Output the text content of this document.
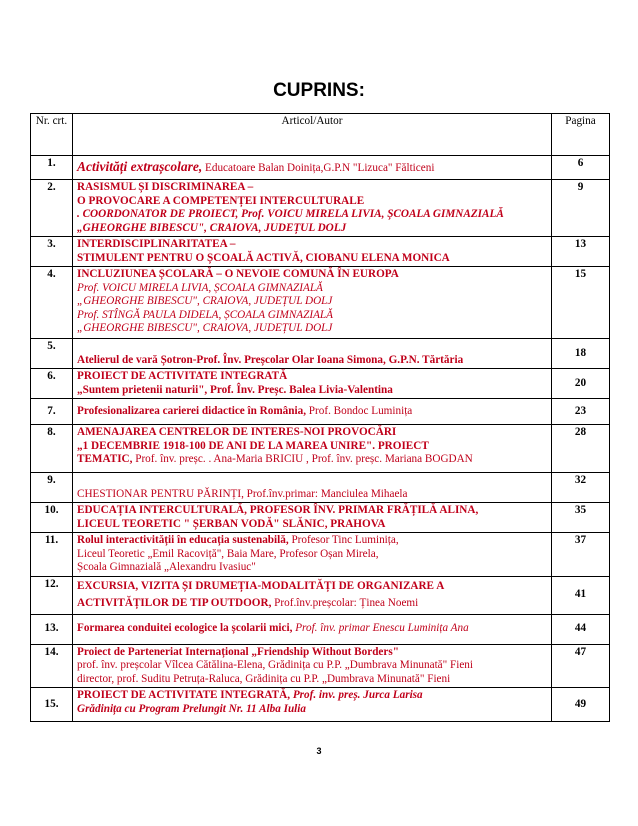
CUPRINS:
Nr. crt.	Articol/Autor	Pagina
1.	Activități extrașcolare, Educatoare Balan Doinița,G.P.N "Lizuca" Fălticeni	6
2.	RASISMUL ȘI DISCRIMINAREA –
O PROVOCARE A COMPETENȚEI INTERCULTURALE
. COORDONATOR DE PROIECT, Prof. VOICU MIRELA LIVIA, ȘCOALA GIMNAZIALĂ „GHEORGHE BIBESCU", CRAIOVA, JUDEȚUL DOLJ	9
3.	INTERDISCIPLINARITATEA –
STIMULENT PENTRU O ȘCOALĂ ACTIVĂ, CIOBANU ELENA MONICA	13
4.	INCLUZIUNEA ȘCOLARĂ – O NEVOIE COMUNĂ ÎN EUROPA
Prof. VOICU MIRELA LIVIA, ȘCOALA GIMNAZIALĂ
„GHEORGHE BIBESCU", CRAIOVA, JUDEȚUL DOLJ
Prof. STÎNGĂ PAULA DIDELA, ȘCOALA GIMNAZIALĂ
„GHEORGHE BIBESCU", CRAIOVA, JUDEȚUL DOLJ	15
5.	Atelierul de vară Șotron-Prof. Înv. Preșcolar Olar Ioana Simona, G.P.N. Tărtăria	18
6.	PROIECT DE ACTIVITATE INTEGRATĂ
„Suntem prietenii naturii", Prof. Înv. Preșc. Balea Livia-Valentina	20
7.	Profesionalizarea carierei didactice în România, Prof. Bondoc Luminița	23
8.	AMENAJAREA CENTRELOR DE INTERES-NOI PROVOCĂRI
„1 DECEMBRIE 1918-100 DE ANI DE LA MAREA UNIRE". PROIECT
TEMATIC, Prof. înv. preșc. . Ana-Maria BRICIU , Prof. înv. preșc. Mariana BOGDAN	28
9.	CHESTIONAR PENTRU PĂRINȚI, Prof.înv.primar: Manciulea Mihaela	32
10.	EDUCAȚIA INTERCULTURALĂ, PROFESOR ÎNV. PRIMAR FRĂȚILĂ ALINA,
LICEUL TEORETIC " ȘERBAN VODĂ" SLĂNIC, PRAHOVA	35
11.	Rolul interactivității în educația sustenabilă, Profesor Tinc Luminița,
Liceul Teoretic „Emil Racoviță", Baia Mare, Profesor Oșan Mirela,
Școala Gimnazială „Alexandru Ivasiuc"	37
12.	EXCURSIA, VIZITA ȘI DRUMEȚIA-MODALITĂȚI DE ORGANIZARE A
ACTIVITĂȚILOR DE TIP OUTDOOR, Prof.înv.preșcolar: Ținea Noemi	41
13.	Formarea conduitei ecologice la școlarii mici, Prof. înv. primar Enescu Luminița Ana	44
14.	Proiect de Parteneriat Internațional „Friendship Without Borders"
prof. înv. preșcolar Vîlcea Cătălina-Elena, Grădinița cu P.P. „Dumbrava Minunată" Fieni
director, prof. Suditu Petruța-Raluca, Grădinița cu P.P. „Dumbrava Minunată" Fieni	47
15.	PROIECT DE ACTIVITATE INTEGRATĂ, Prof. inv. preș. Jurca Larisa
Grădinița cu Program Prelungit Nr. 11 Alba Iulia	49
3
